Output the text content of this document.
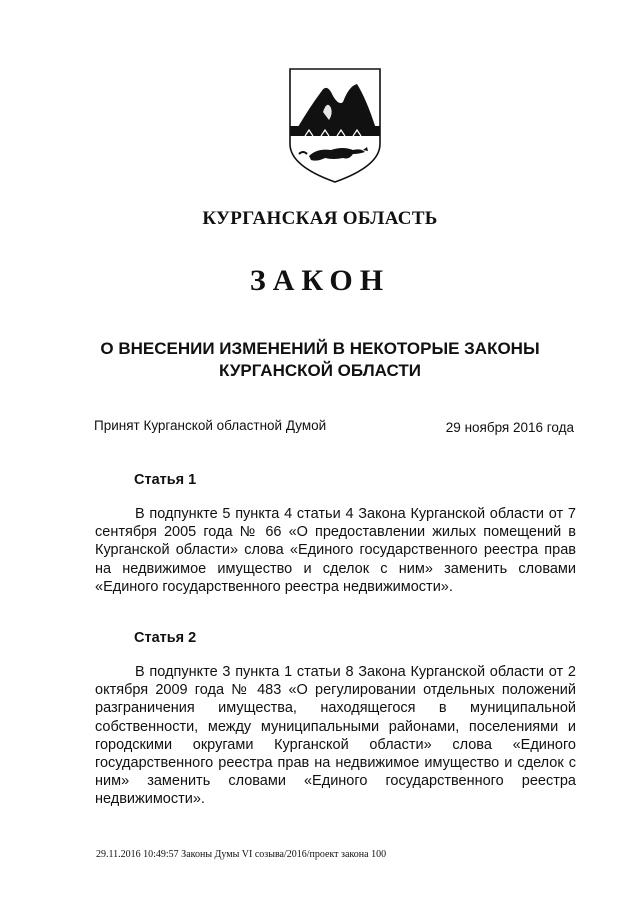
КУРГАНСКАЯ ОБЛАСТЬ
ЗАКОН
О ВНЕСЕНИИ ИЗМЕНЕНИЙ В НЕКОТОРЫЕ ЗАКОНЫ
КУРГАНСКОЙ ОБЛАСТИ
Принят Курганской областной Думой	29 ноября 2016 года
Статья 1
В подпункте 5 пункта 4 статьи 4 Закона Курганской области от 7 сентября 2005 года № 66 «О предоставлении жилых помещений в Курганской области» слова «Единого государственного реестра прав на недвижимое имущество и сделок с ним» заменить словами «Единого государственного реестра недвижимости».
Статья 2
В подпункте 3 пункта 1 статьи 8 Закона Курганской области от 2 октября 2009 года № 483 «О регулировании отдельных положений разграничения имущества, находящегося в муниципальной собственности, между муниципальными районами, поселениями и городскими округами Курганской области» слова «Единого государственного реестра прав на недвижимое имущество и сделок с ним» заменить словами «Единого государственного реестра недвижимости».
29.11.2016 10:49:57 Законы Думы VI созыва/2016/проект закона 100
